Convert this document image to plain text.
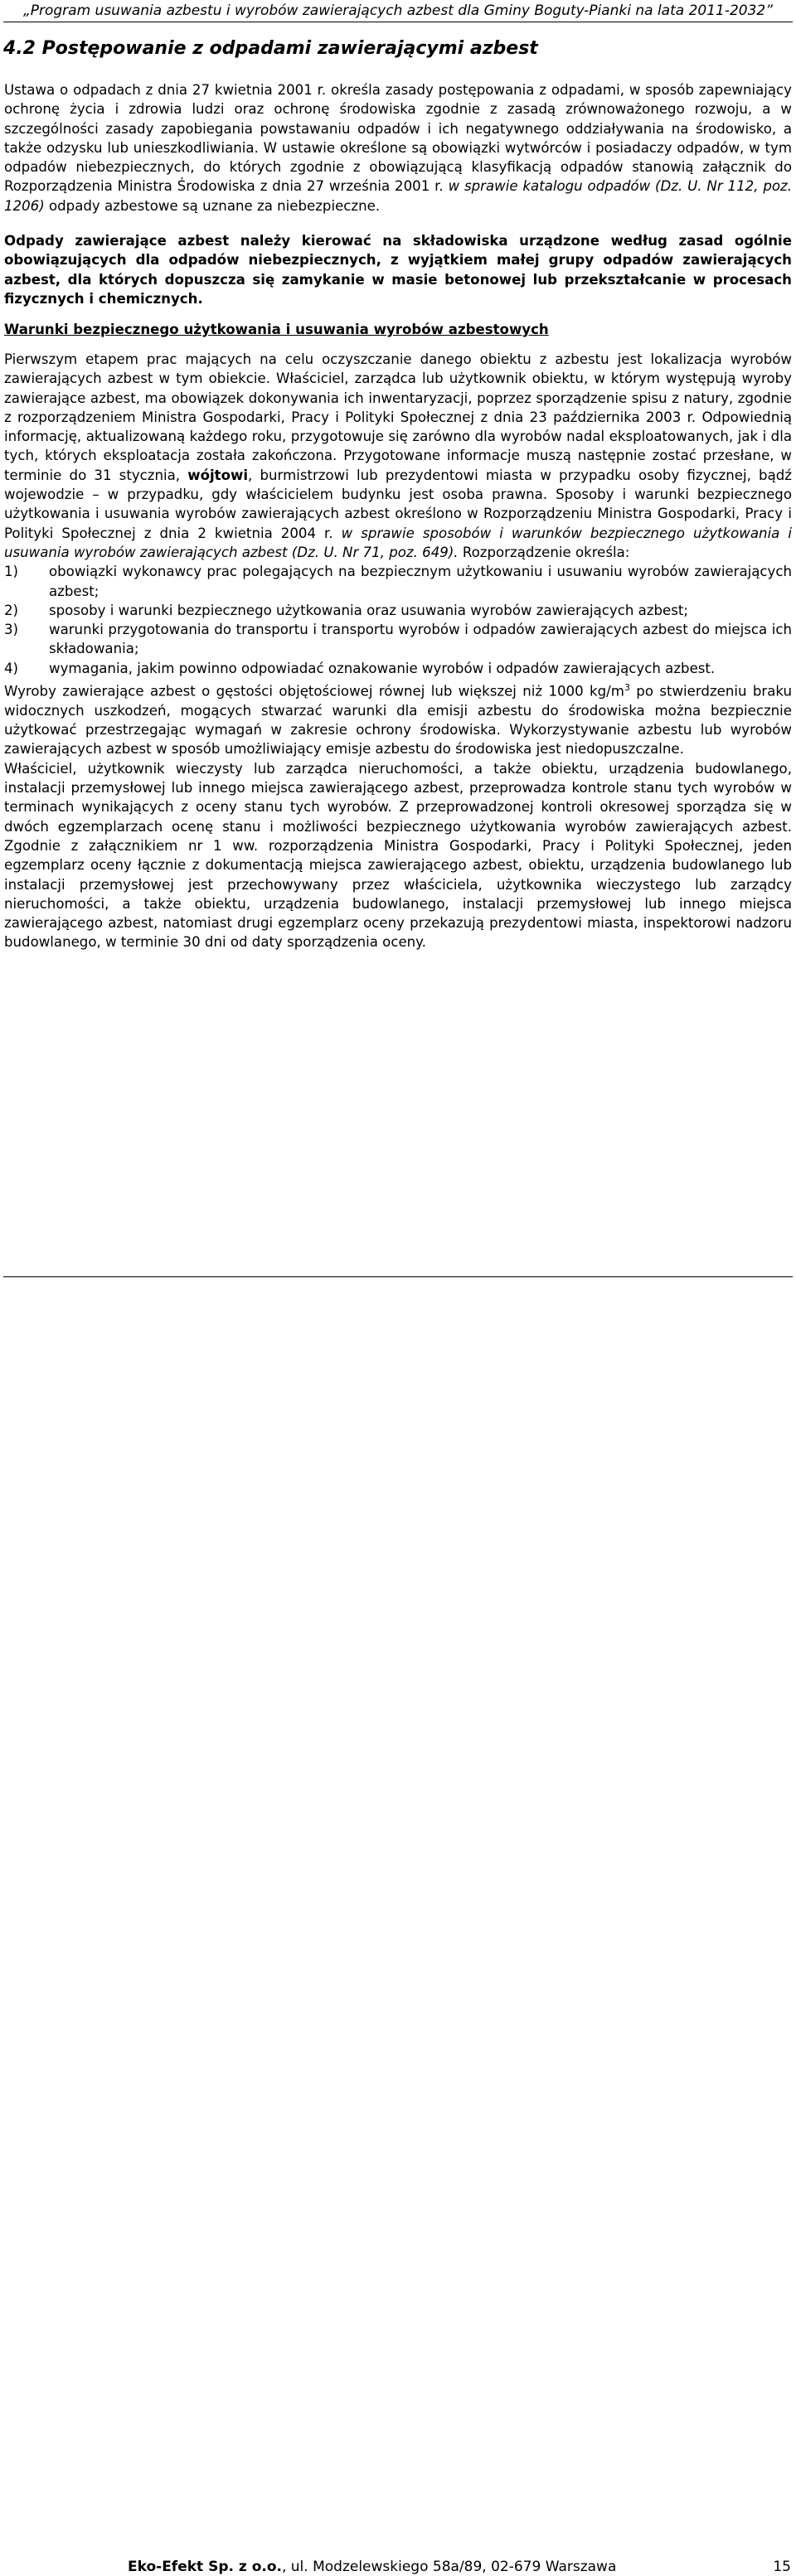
„Program usuwania azbestu i wyrobów zawierających azbest dla Gminy Boguty-Pianki na lata 2011-2032”
4.2 Postępowanie z odpadami zawierającymi azbest

Ustawa o odpadach z dnia 27 kwietnia 2001 r. określa zasady postępowania z odpadami, w sposób zapewniający ochronę życia i zdrowia ludzi oraz ochronę środowiska zgodnie z zasadą zrównoważonego rozwoju, a w szczególności zasady zapobiegania powstawaniu odpadów i ich negatywnego oddziaływania na środowisko, a także odzysku lub unieszkodliwiania. W ustawie określone są obowiązki wytwórców i posiadaczy odpadów, w tym odpadów niebezpiecznych, do których zgodnie z obowiązującą klasyfikacją odpadów stanowią załącznik do Rozporządzenia Ministra Środowiska z dnia 27 września 2001 r. w sprawie katalogu odpadów (Dz. U. Nr 112, poz. 1206) odpady azbestowe są uznane za niebezpieczne.

Odpady zawierające azbest należy kierować na składowiska urządzone według zasad ogólnie obowiązujących dla odpadów niebezpiecznych, z wyjątkiem małej grupy odpadów zawierających azbest, dla których dopuszcza się zamykanie w masie betonowej lub przekształcanie w procesach fizycznych i chemicznych.

Warunki bezpiecznego użytkowania i usuwania wyrobów azbestowych

Pierwszym etapem prac mających na celu oczyszczanie danego obiektu z azbestu jest lokalizacja wyrobów zawierających azbest w tym obiekcie. Właściciel, zarządca lub użytkownik obiektu, w którym występują wyroby zawierające azbest, ma obowiązek dokonywania ich inwentaryzacji, poprzez sporządzenie spisu z natury, zgodnie z rozporządzeniem Ministra Gospodarki, Pracy i Polityki Społecznej z dnia 23 października 2003 r. Odpowiednią informację, aktualizowaną każdego roku, przygotowuje się zarówno dla wyrobów nadal eksploatowanych, jak i dla tych, których eksploatacja została zakończona. Przygotowane informacje muszą następnie zostać przesłane, w terminie do 31 stycznia, wójtowi, burmistrzowi lub prezydentowi miasta w przypadku osoby fizycznej, bądź wojewodzie – w przypadku, gdy właścicielem budynku jest osoba prawna. Sposoby i warunki bezpiecznego użytkowania i usuwania wyrobów zawierających azbest określono w Rozporządzeniu Ministra Gospodarki, Pracy i Polityki Społecznej z dnia 2 kwietnia 2004 r. w sprawie sposobów i warunków bezpiecznego użytkowania i usuwania wyrobów zawierających azbest (Dz. U. Nr 71, poz. 649). Rozporządzenie określa:

1)	obowiązki wykonawcy prac polegających na bezpiecznym użytkowaniu i usuwaniu wyrobów zawierających azbest;
2)	sposoby i warunki bezpiecznego użytkowania oraz usuwania wyrobów zawierających azbest;
3)	warunki przygotowania do transportu i transportu wyrobów i odpadów zawierających azbest do miejsca ich składowania;
4)	wymagania, jakim powinno odpowiadać oznakowanie wyrobów i odpadów zawierających azbest.

Wyroby zawierające azbest o gęstości objętościowej równej lub większej niż 1000 $kg/m^3$ po stwierdzeniu braku widocznych uszkodzeń, mogących stwarzać warunki dla emisji azbestu do środowiska można bezpiecznie użytkować przestrzegając wymagań w zakresie ochrony środowiska. Wykorzystywanie azbestu lub wyrobów zawierających azbest w sposób umożliwiający emisje azbestu do środowiska jest niedopuszczalne.

Właściciel, użytkownik wieczysty lub zarządca nieruchomości, a także obiektu, urządzenia budowlanego, instalacji przemysłowej lub innego miejsca zawierającego azbest, przeprowadza kontrole stanu tych wyrobów w terminach wynikających z oceny stanu tych wyrobów. Z przeprowadzonej kontroli okresowej sporządza się w dwóch egzemplarzach ocenę stanu i możliwości bezpiecznego użytkowania wyrobów zawierających azbest. Zgodnie z załącznikiem nr 1 ww. rozporządzenia Ministra Gospodarki, Pracy i Polityki Społecznej, jeden egzemplarz oceny łącznie z dokumentacją miejsca zawierającego azbest, obiektu, urządzenia budowlanego lub instalacji przemysłowej jest przechowywany przez właściciela, użytkownika wieczystego lub zarządcy nieruchomości, a także obiektu, urządzenia budowlanego, instalacji przemysłowej lub innego miejsca zawierającego azbest, natomiast drugi egzemplarz oceny przekazują prezydentowi miasta, inspektorowi nadzoru budowlanego, w terminie 30 dni od daty sporządzenia oceny.

Eko-Efekt Sp. z o.o., ul. Modzelewskiego 58a/89, 02-679 Warszawa	15
